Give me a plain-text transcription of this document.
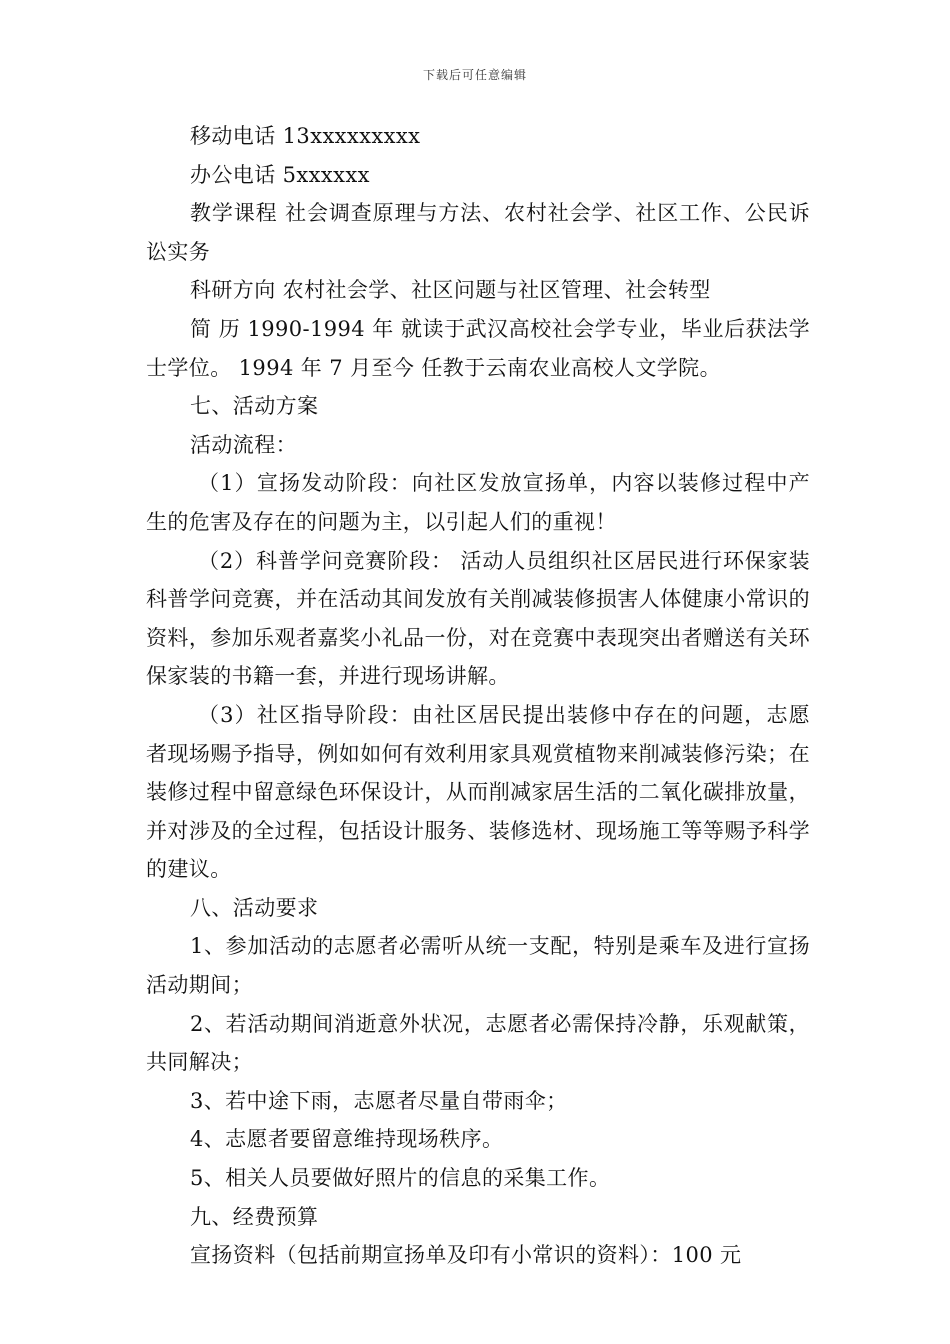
下载后可任意编辑

移动电话 13xxxxxxxxx

办公电话 5xxxxxx

教学课程 社会调查原理与方法、农村社会学、社区工作、公民诉讼实务

科研方向 农村社会学、社区问题与社区管理、社会转型

简 历 1990-1994 年 就读于武汉高校社会学专业，毕业后获法学士学位。 1994 年 7 月至今 任教于云南农业高校人文学院。

七、活动方案

活动流程：

（1）宣扬发动阶段：向社区发放宣扬单，内容以装修过程中产生的危害及存在的问题为主，以引起人们的重视！

（2）科普学问竞赛阶段： 活动人员组织社区居民进行环保家装科普学问竞赛，并在活动其间发放有关削减装修损害人体健康小常识的资料，参加乐观者嘉奖小礼品一份，对在竞赛中表现突出者赠送有关环保家装的书籍一套，并进行现场讲解。

（3）社区指导阶段：由社区居民提出装修中存在的问题，志愿者现场赐予指导，例如如何有效利用家具观赏植物来削减装修污染；在装修过程中留意绿色环保设计，从而削减家居生活的二氧化碳排放量，并对涉及的全过程，包括设计服务、装修选材、现场施工等等赐予科学的建议。

八、活动要求

1、参加活动的志愿者必需听从统一支配，特别是乘车及进行宣扬活动期间；

2、若活动期间消逝意外状况，志愿者必需保持冷静，乐观献策，共同解决；

3、若中途下雨，志愿者尽量自带雨伞；

4、志愿者要留意维持现场秩序。

5、相关人员要做好照片的信息的采集工作。

九、经费预算

宣扬资料（包括前期宣扬单及印有小常识的资料）：100 元
